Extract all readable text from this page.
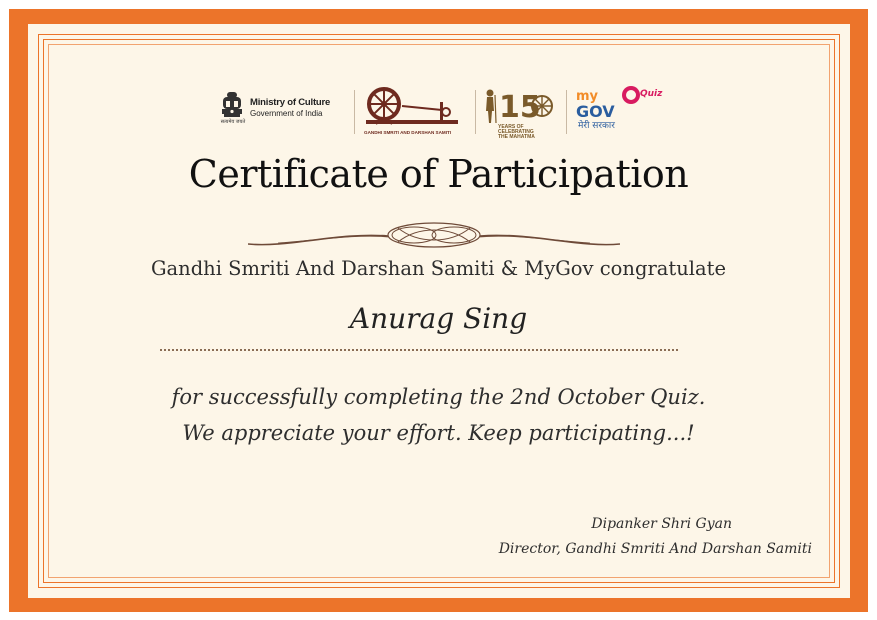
सत्यमेव जयते
Ministry of Culture
Government of India
GANDHI SMRITI AND DARSHAN SAMITI
15
YEARS OF
CELEBRATING
THE MAHATMA
my
GOV
Quiz
मेरी सरकार
Certificate of Participation
Gandhi Smriti And Darshan Samiti & MyGov congratulate
Anurag Sing
for successfully completing the 2nd October Quiz.
We appreciate your effort. Keep participating...!
Dipanker Shri Gyan
Director, Gandhi Smriti And Darshan Samiti
